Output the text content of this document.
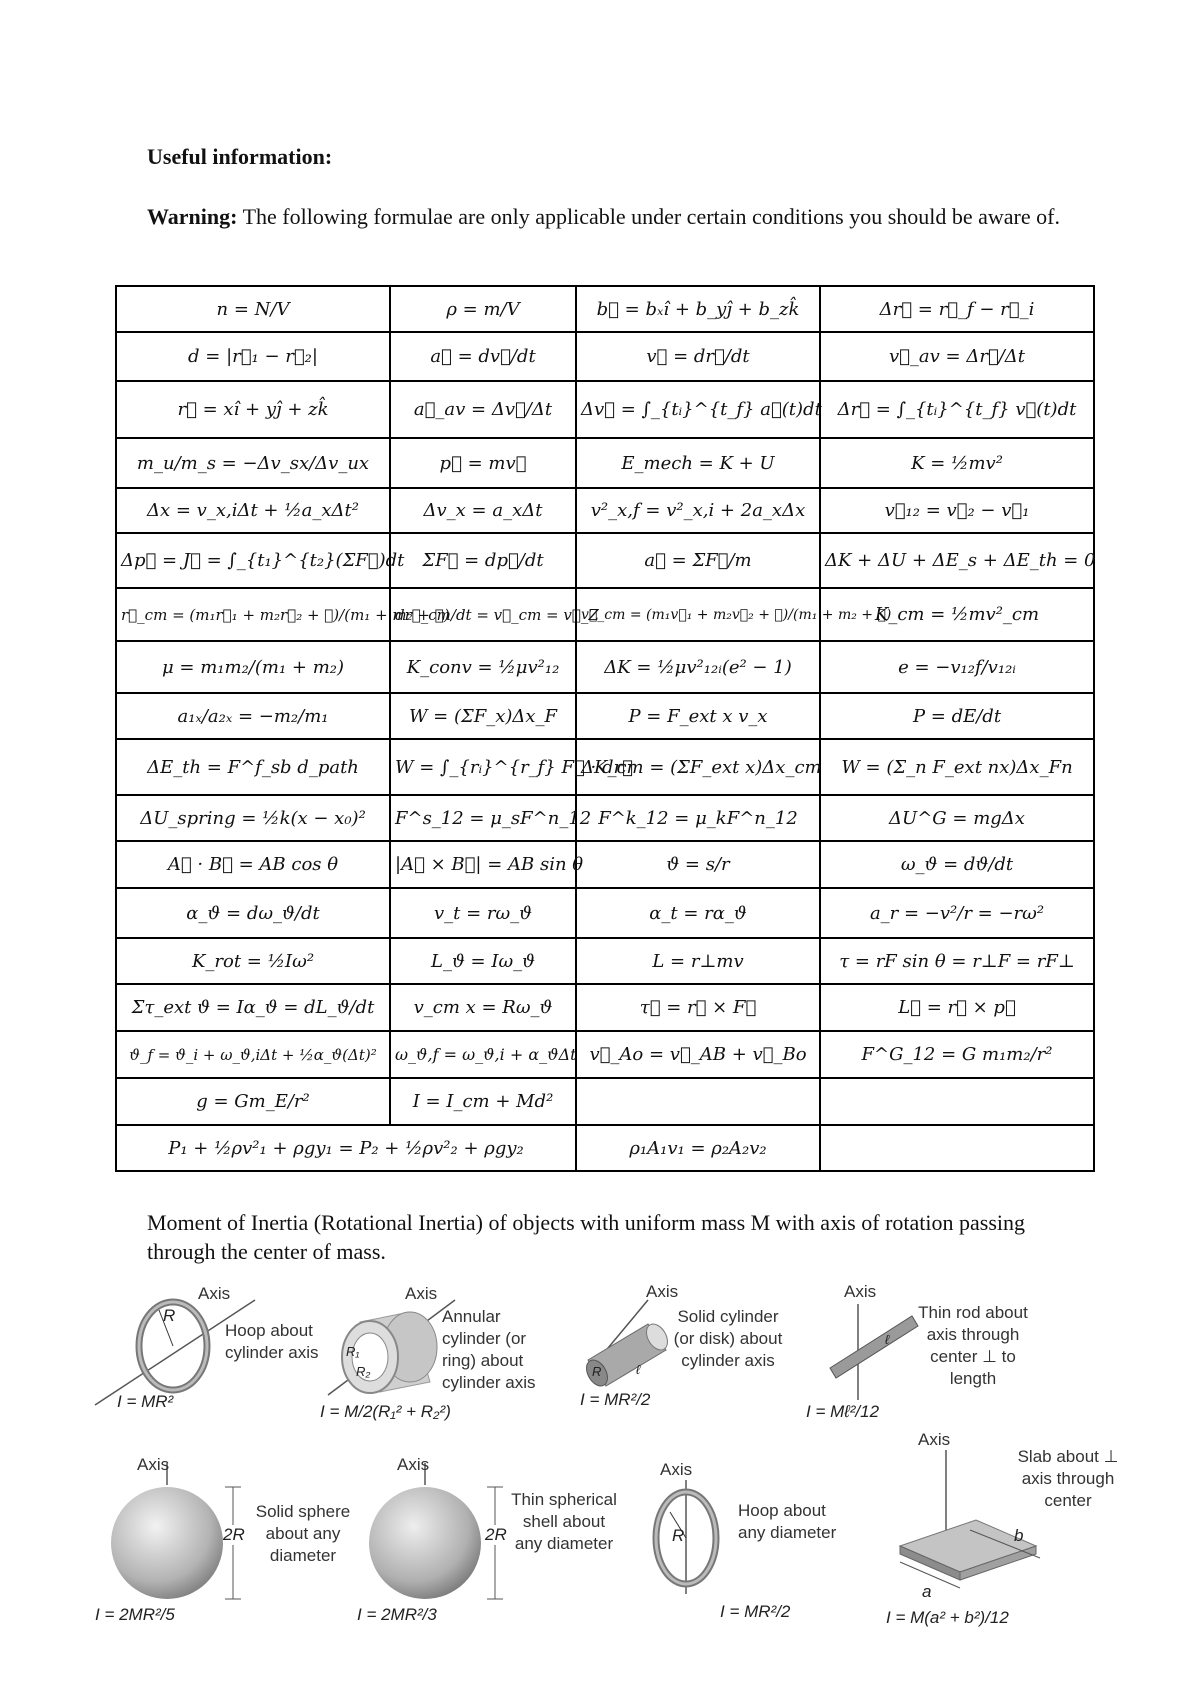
Useful information:

Warning: The following formulae are only applicable under certain conditions you should be aware of.

n = N/V	ρ = m/V	b⃗ = bₓî + b_yĵ + b_zk̂	Δr⃗ = r⃗_f − r⃗_i
d = |r⃗₁ − r⃗₂|	a⃗ = dv⃗/dt	v⃗ = dr⃗/dt	v⃗_av = Δr⃗/Δt
r⃗ = xî + yĵ + zk̂	a⃗_av = Δv⃗/Δt	Δv⃗ = ∫_{tᵢ}^{t_f} a⃗(t)dt	Δr⃗ = ∫_{tᵢ}^{t_f} v⃗(t)dt
m_u/m_s = −Δv_sx/Δv_ux	p⃗ = mv⃗	E_mech = K + U	K = ½mv²
Δx = v_x,iΔt + ½a_xΔt²	Δv_x = a_xΔt	v²_x,f = v²_x,i + 2a_xΔx	v⃗₁₂ = v⃗₂ − v⃗₁
Δp⃗ = J⃗ = ∫_{t₁}^{t₂}(ΣF⃗)dt	ΣF⃗ = dp⃗/dt	a⃗ = ΣF⃗/m	ΔK + ΔU + ΔE_s + ΔE_th = 0
r⃗_cm = (m₁r⃗₁ + m₂r⃗₂ + ⋯)/(m₁ + m₂ + ⋯)	dr⃗_cm/dt = v⃗_cm = v⃗_Z	v⃗_cm = (m₁v⃗₁ + m₂v⃗₂ + ⋯)/(m₁ + m₂ + ⋯)	K_cm = ½mv²_cm
μ = m₁m₂/(m₁ + m₂)	K_conv = ½μv²₁₂	ΔK = ½μv²₁₂ᵢ(e² − 1)	e = −v₁₂f/v₁₂ᵢ
a₁ₓ/a₂ₓ = −m₂/m₁	W = (ΣF_x)Δx_F	P = F_ext x v_x	P = dE/dt
ΔE_th = F^f_sb d_path	W = ∫_{rᵢ}^{r_f} F⃗ · dr⃗	ΔK_cm = (ΣF_ext x)Δx_cm	W = (Σ_n F_ext nx)Δx_Fn
ΔU_spring = ½k(x − x₀)²	F^s_12 = μ_sF^n_12	F^k_12 = μ_kF^n_12	ΔU^G = mgΔx
A⃗ · B⃗ = AB cos θ	|A⃗ × B⃗| = AB sin θ	ϑ = s/r	ω_ϑ = dϑ/dt
α_ϑ = dω_ϑ/dt	v_t = rω_ϑ	α_t = rα_ϑ	a_r = −v²/r = −rω²
K_rot = ½Iω²	L_ϑ = Iω_ϑ	L = r⊥mv	τ = rF sin θ = r⊥F = rF⊥
Στ_ext ϑ = Iα_ϑ = dL_ϑ/dt	v_cm x = Rω_ϑ	τ⃗ = r⃗ × F⃗	L⃗ = r⃗ × p⃗
ϑ_f = ϑ_i + ω_ϑ,iΔt + ½α_ϑ(Δt)²	ω_ϑ,f = ω_ϑ,i + α_ϑΔt	v⃗_Ao = v⃗_AB + v⃗_Bo	F^G_12 = G m₁m₂/r²
g = Gm_E/r²	I = I_cm + Md²		
P₁ + ½ρv²₁ + ρgy₁ = P₂ + ½ρv²₂ + ρgy₂		ρ₁A₁v₁ = ρ₂A₂v₂	

Moment of Inertia (Rotational Inertia) of objects with uniform mass M with axis of rotation passing through the center of mass.

Axis
R
Hoop about cylinder axis
I = MR²
Axis
R₁
R₂
Annular cylinder (or ring) about cylinder axis
I = M/2(R₁² + R₂²)
Axis
R	ℓ
Solid cylinder (or disk) about cylinder axis
I = MR²/2
Axis
ℓ
Thin rod about axis through center ⊥ to length
I = Mℓ²/12
Axis
2R
Solid sphere about any diameter
I = 2MR²/5
Axis
2R
Thin spherical shell about any diameter
I = 2MR²/3
Axis
R
Hoop about any diameter
I = MR²/2
Axis
a
b
Slab about ⊥ axis through center
I = M(a² + b²)/12
